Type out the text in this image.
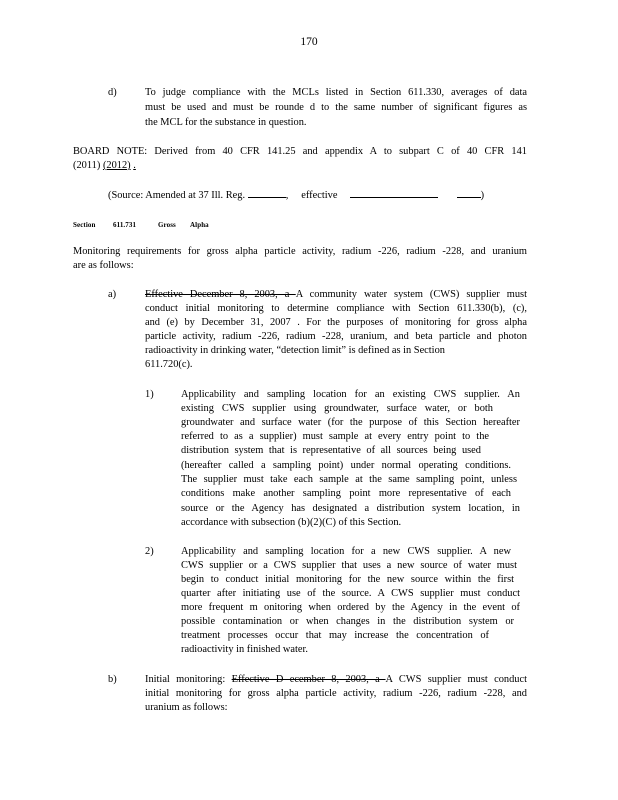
170
d)	To judge compliance with the MCLs listed in Section 611.330, averages of data
must be used and must be rounde d to the same number of significant figures as
the MCL for the substance in question.
BOARD NOTE: Derived from 40 CFR 141.25 and appendix A to subpart C of 40 CFR 141
(2011) (2012) .
(Source: Amended at 37 Ill. Reg.	, effective	)
Section	611.731	Gross Alpha
Monitoring requirements for gross alpha particle activity, radium -226, radium -228, and uranium
are as follows:
a)	Effective December 8, 2003, a A community water system (CWS) supplier must
conduct initial monitoring to determine compliance with Section 611.330(b), (c),
and (e) by December 31, 2007 . For the purposes of monitoring for gross alpha
particle activity, radium -226, radium -228, uranium, and beta particle and photon
radioactivity in drinking water, “detection limit” is defined as in Section
611.720(c).
1)	Applicability and sampling location for an existing CWS supplier. An
existing CWS supplier using groundwater, surface water, or both
groundwater and surface water (for the purpose of this Section hereafter
referred to as a supplier) must sample at every entry point to the
distribution system that is representative of all sources being used
(hereafter called a sampling point) under normal operating conditions.
The supplier must take each sample at the same sampling point, unless
conditions make another sampling point more representative of each
source or the Agency has designated a distribution system location, in
accordance with subsection (b)(2)(C) of this Section.
2)	Applicability and sampling location for a new CWS supplier. A new
CWS supplier or a CWS supplier that uses a new source of water must
begin to conduct initial monitoring for the new source within the first
quarter after initiating use of the source. A CWS supplier must conduct
more frequent m onitoring when ordered by the Agency in the event of
possible contamination or when changes in the distribution system or
treatment processes occur that may increase the concentration of
radioactivity in finished water.
b)	Initial monitoring: Effective D ecember 8, 2003, a A CWS supplier must conduct
initial monitoring for gross alpha particle activity, radium -226, radium -228, and
uranium as follows:
